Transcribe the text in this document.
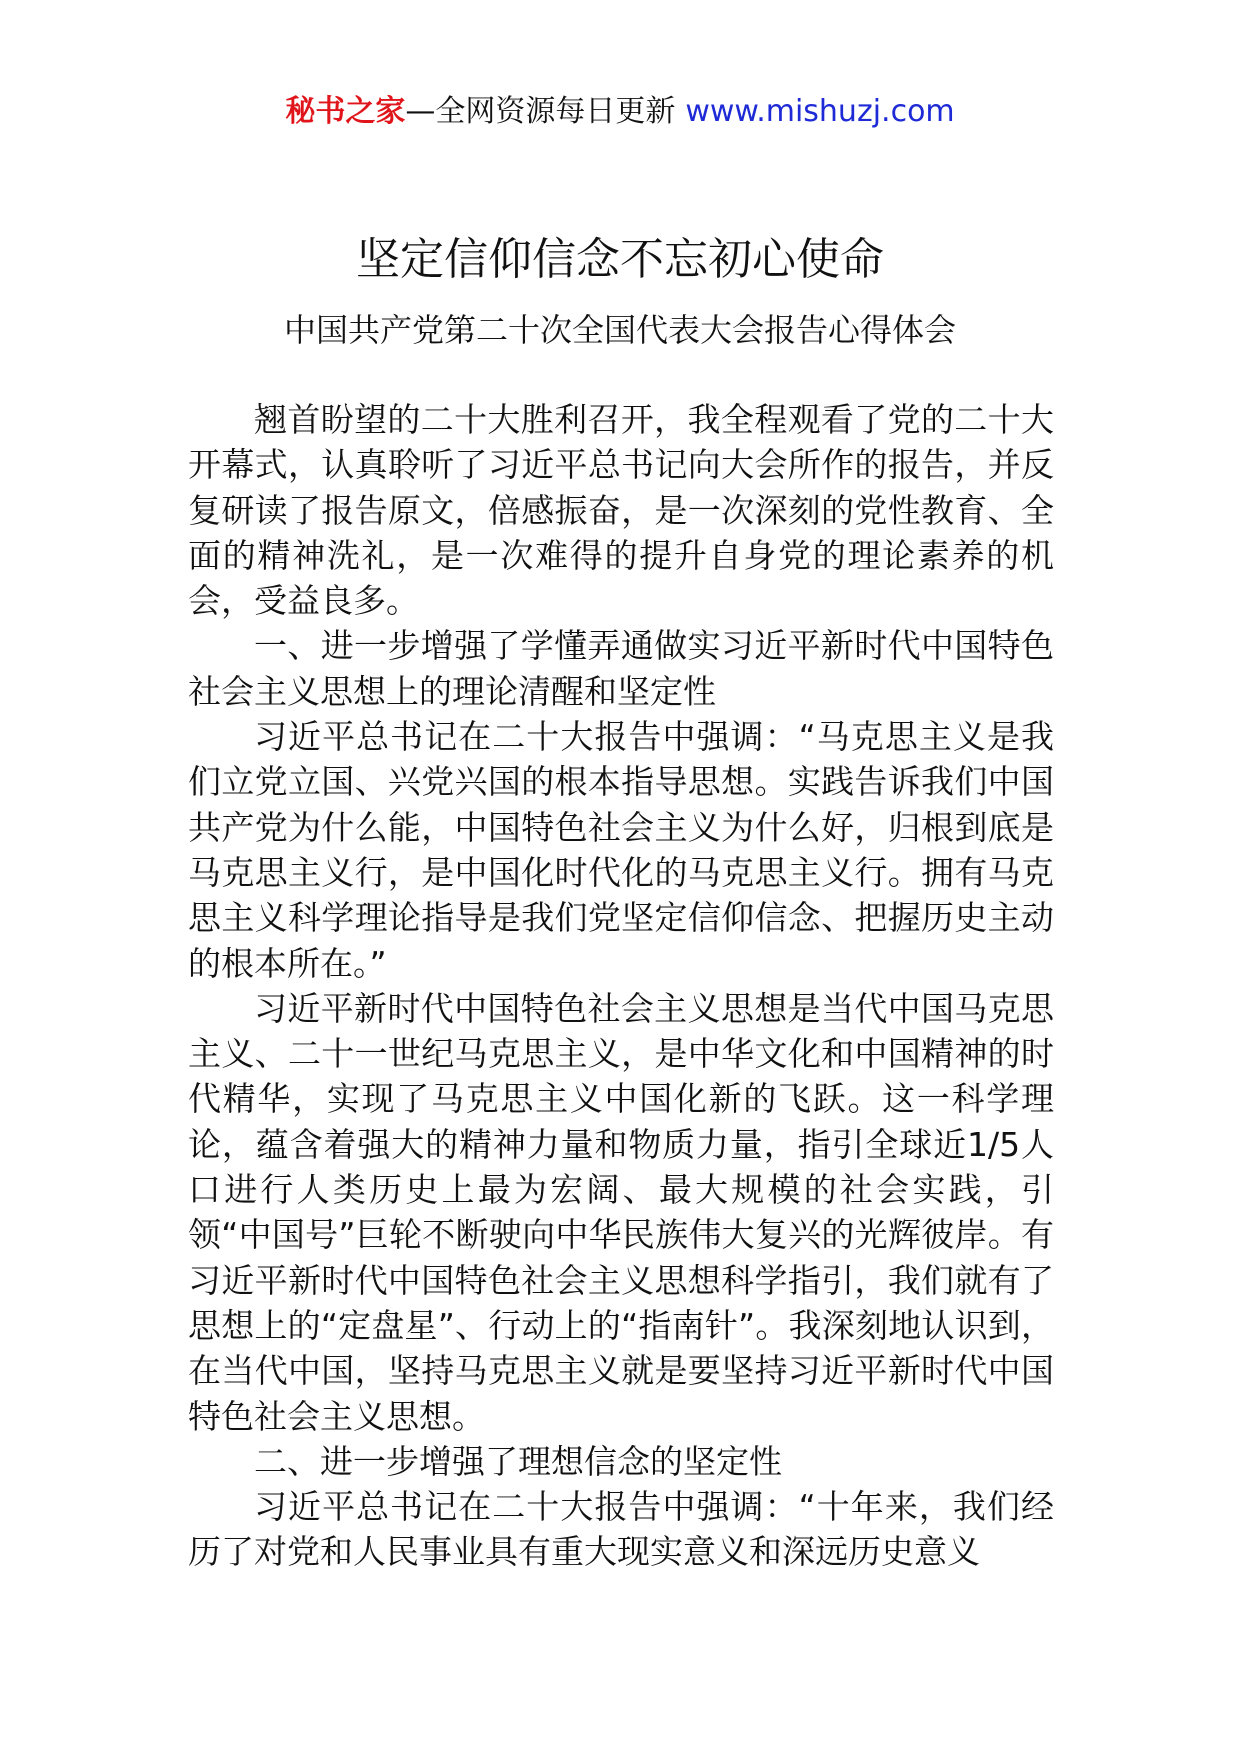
秘书之家—全网资源每日更新 www.mishuzj.com
坚定信仰信念不忘初心使命
中国共产党第二十次全国代表大会报告心得体会

翘首盼望的二十大胜利召开，我全程观看了党的二十大开幕式，认真聆听了习近平总书记向大会所作的报告，并反复研读了报告原文，倍感振奋，是一次深刻的党性教育、全面的精神洗礼，是一次难得的提升自身党的理论素养的机会，受益良多。

一、进一步增强了学懂弄通做实习近平新时代中国特色社会主义思想上的理论清醒和坚定性

习近平总书记在二十大报告中强调：“马克思主义是我们立党立国、兴党兴国的根本指导思想。实践告诉我们中国共产党为什么能，中国特色社会主义为什么好，归根到底是马克思主义行，是中国化时代化的马克思主义行。拥有马克思主义科学理论指导是我们党坚定信仰信念、把握历史主动的根本所在。”

习近平新时代中国特色社会主义思想是当代中国马克思主义、二十一世纪马克思主义，是中华文化和中国精神的时代精华，实现了马克思主义中国化新的飞跃。这一科学理论，蕴含着强大的精神力量和物质力量，指引全球近1/5人口进行人类历史上最为宏阔、最大规模的社会实践，引领“中国号”巨轮不断驶向中华民族伟大复兴的光辉彼岸。有习近平新时代中国特色社会主义思想科学指引，我们就有了思想上的“定盘星”、行动上的“指南针”。我深刻地认识到，在当代中国，坚持马克思主义就是要坚持习近平新时代中国特色社会主义思想。

二、进一步增强了理想信念的坚定性

习近平总书记在二十大报告中强调：“十年来，我们经历了对党和人民事业具有重大现实意义和深远历史意义
